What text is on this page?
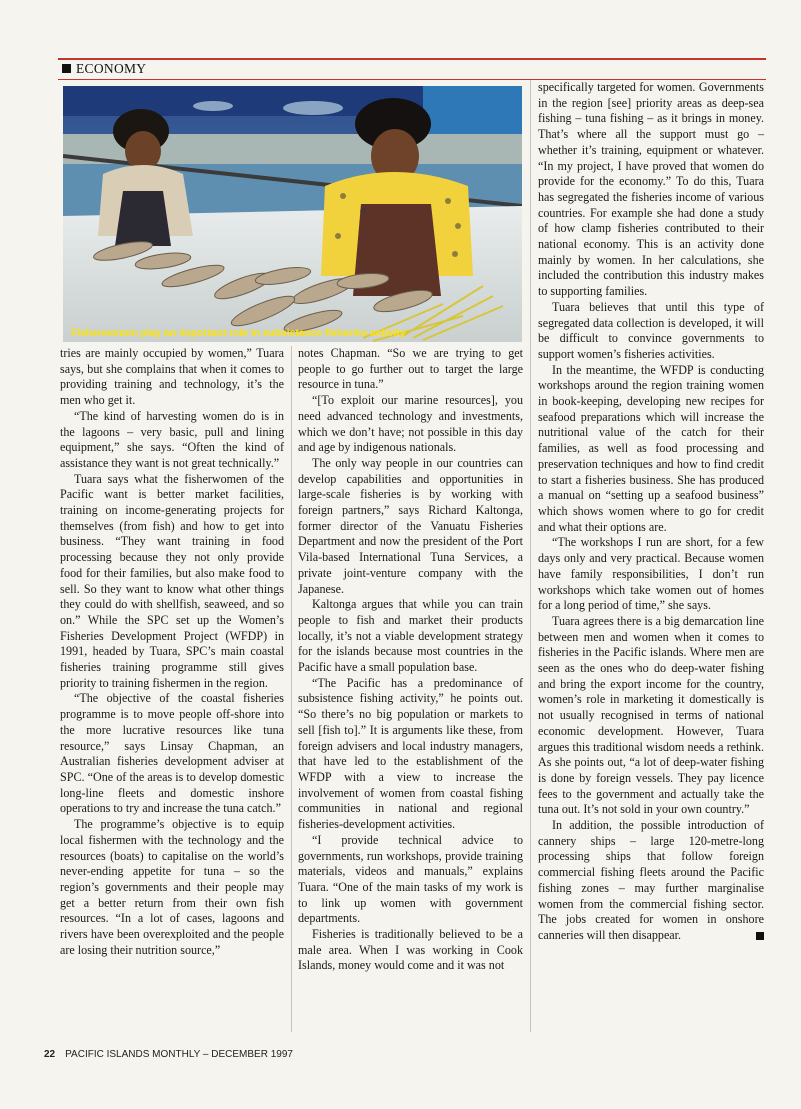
ECONOMY
Fisherwomen play an important role in subsistance fisheries activity

tries are mainly occupied by women,” Tuara says, but she complains that when it comes to providing training and technology, it’s the men who get it.

“The kind of harvesting women do is in the lagoons – very basic, pull and lining equipment,” she says. “Often the kind of assistance they want is not great technically.”

Tuara says what the fisherwomen of the Pacific want is better market facilities, training on income-generating projects for themselves (from fish) and how to get into business. “They want training in food processing because they not only provide food for their families, but also make food to sell. So they want to know what other things they could do with shellfish, seaweed, and so on.” While the SPC set up the Women’s Fisheries Development Project (WFDP) in 1991, headed by Tuara, SPC’s main coastal fisheries training programme still gives priority to training fishermen in the region.

“The objective of the coastal fisheries programme is to move people off-shore into the more lucrative resources like tuna resource,” says Linsay Chapman, an Australian fisheries development adviser at SPC. “One of the areas is to develop domestic long-line fleets and domestic inshore operations to try and increase the tuna catch.”

The programme’s objective is to equip local fishermen with the technology and the resources (boats) to capitalise on the world’s never-ending appetite for tuna – so the region’s governments and their people may get a better return from their own fish resources. “In a lot of cases, lagoons and rivers have been overexploited and the people are losing their nutrition source,”

notes Chapman. “So we are trying to get people to go further out to target the large resource in tuna.”

“[To exploit our marine resources], you need advanced technology and investments, which we don’t have; not possible in this day and age by indigenous nationals.

The only way people in our countries can develop capabilities and opportunities in large-scale fisheries is by working with foreign partners,” says Richard Kaltonga, former director of the Vanuatu Fisheries Department and now the president of the Port Vila-based International Tuna Services, a private joint-venture company with the Japanese.

Kaltonga argues that while you can train people to fish and market their products locally, it’s not a viable development strategy for the islands because most countries in the Pacific have a small population base.

“The Pacific has a predominance of subsistence fishing activity,” he points out. “So there’s no big population or markets to sell [fish to].” It is arguments like these, from foreign advisers and local industry managers, that have led to the establishment of the WFDP with a view to increase the involvement of women from coastal fishing communities in national and regional fisheries-development activities.

“I provide technical advice to governments, run workshops, provide training materials, videos and manuals,” explains Tuara. “One of the main tasks of my work is to link up women with government departments.

Fisheries is traditionally believed to be a male area. When I was working in Cook Islands, money would come and it was not

specifically targeted for women. Governments in the region [see] priority areas as deep-sea fishing – tuna fishing – as it brings in money. That’s where all the support must go – whether it’s training, equipment or whatever. “In my project, I have proved that women do provide for the economy.” To do this, Tuara has segregated the fisheries income of various countries. For example she had done a study of how clamp fisheries contributed to their national economy. This is an activity done mainly by women. In her calculations, she included the contribution this industry makes to supporting families.

Tuara believes that until this type of segregated data collection is developed, it will be difficult to convince governments to support women’s fisheries activities.

In the meantime, the WFDP is conducting workshops around the region training women in book-keeping, developing new recipes for seafood preparations which will increase the nutritional value of the catch for their families, as well as food processing and preservation techniques and how to find credit to start a fisheries business. She has produced a manual on “setting up a seafood business” which shows women where to go for credit and what their options are.

“The workshops I run are short, for a few days only and very practical. Because women have family responsibilities, I don’t run workshops which take women out of homes for a long period of time,” she says.

Tuara agrees there is a big demarcation line between men and women when it comes to fisheries in the Pacific islands. Where men are seen as the ones who do deep-water fishing and bring the export income for the country, women’s role in marketing it domestically is not usually recognised in terms of national economic development. However, Tuara argues this traditional wisdom needs a rethink. As she points out, “a lot of deep-water fishing is done by foreign vessels. They pay licence fees to the government and actually take the tuna out. It’s not sold in your own country.”

In addition, the possible introduction of cannery ships – large 120-metre-long processing ships that follow foreign commercial fishing fleets around the Pacific fishing zones – may further marginalise women from the commercial fishing sector. The jobs created for women in onshore canneries will then disappear.

22 PACIFIC ISLANDS MONTHLY – DECEMBER 1997
